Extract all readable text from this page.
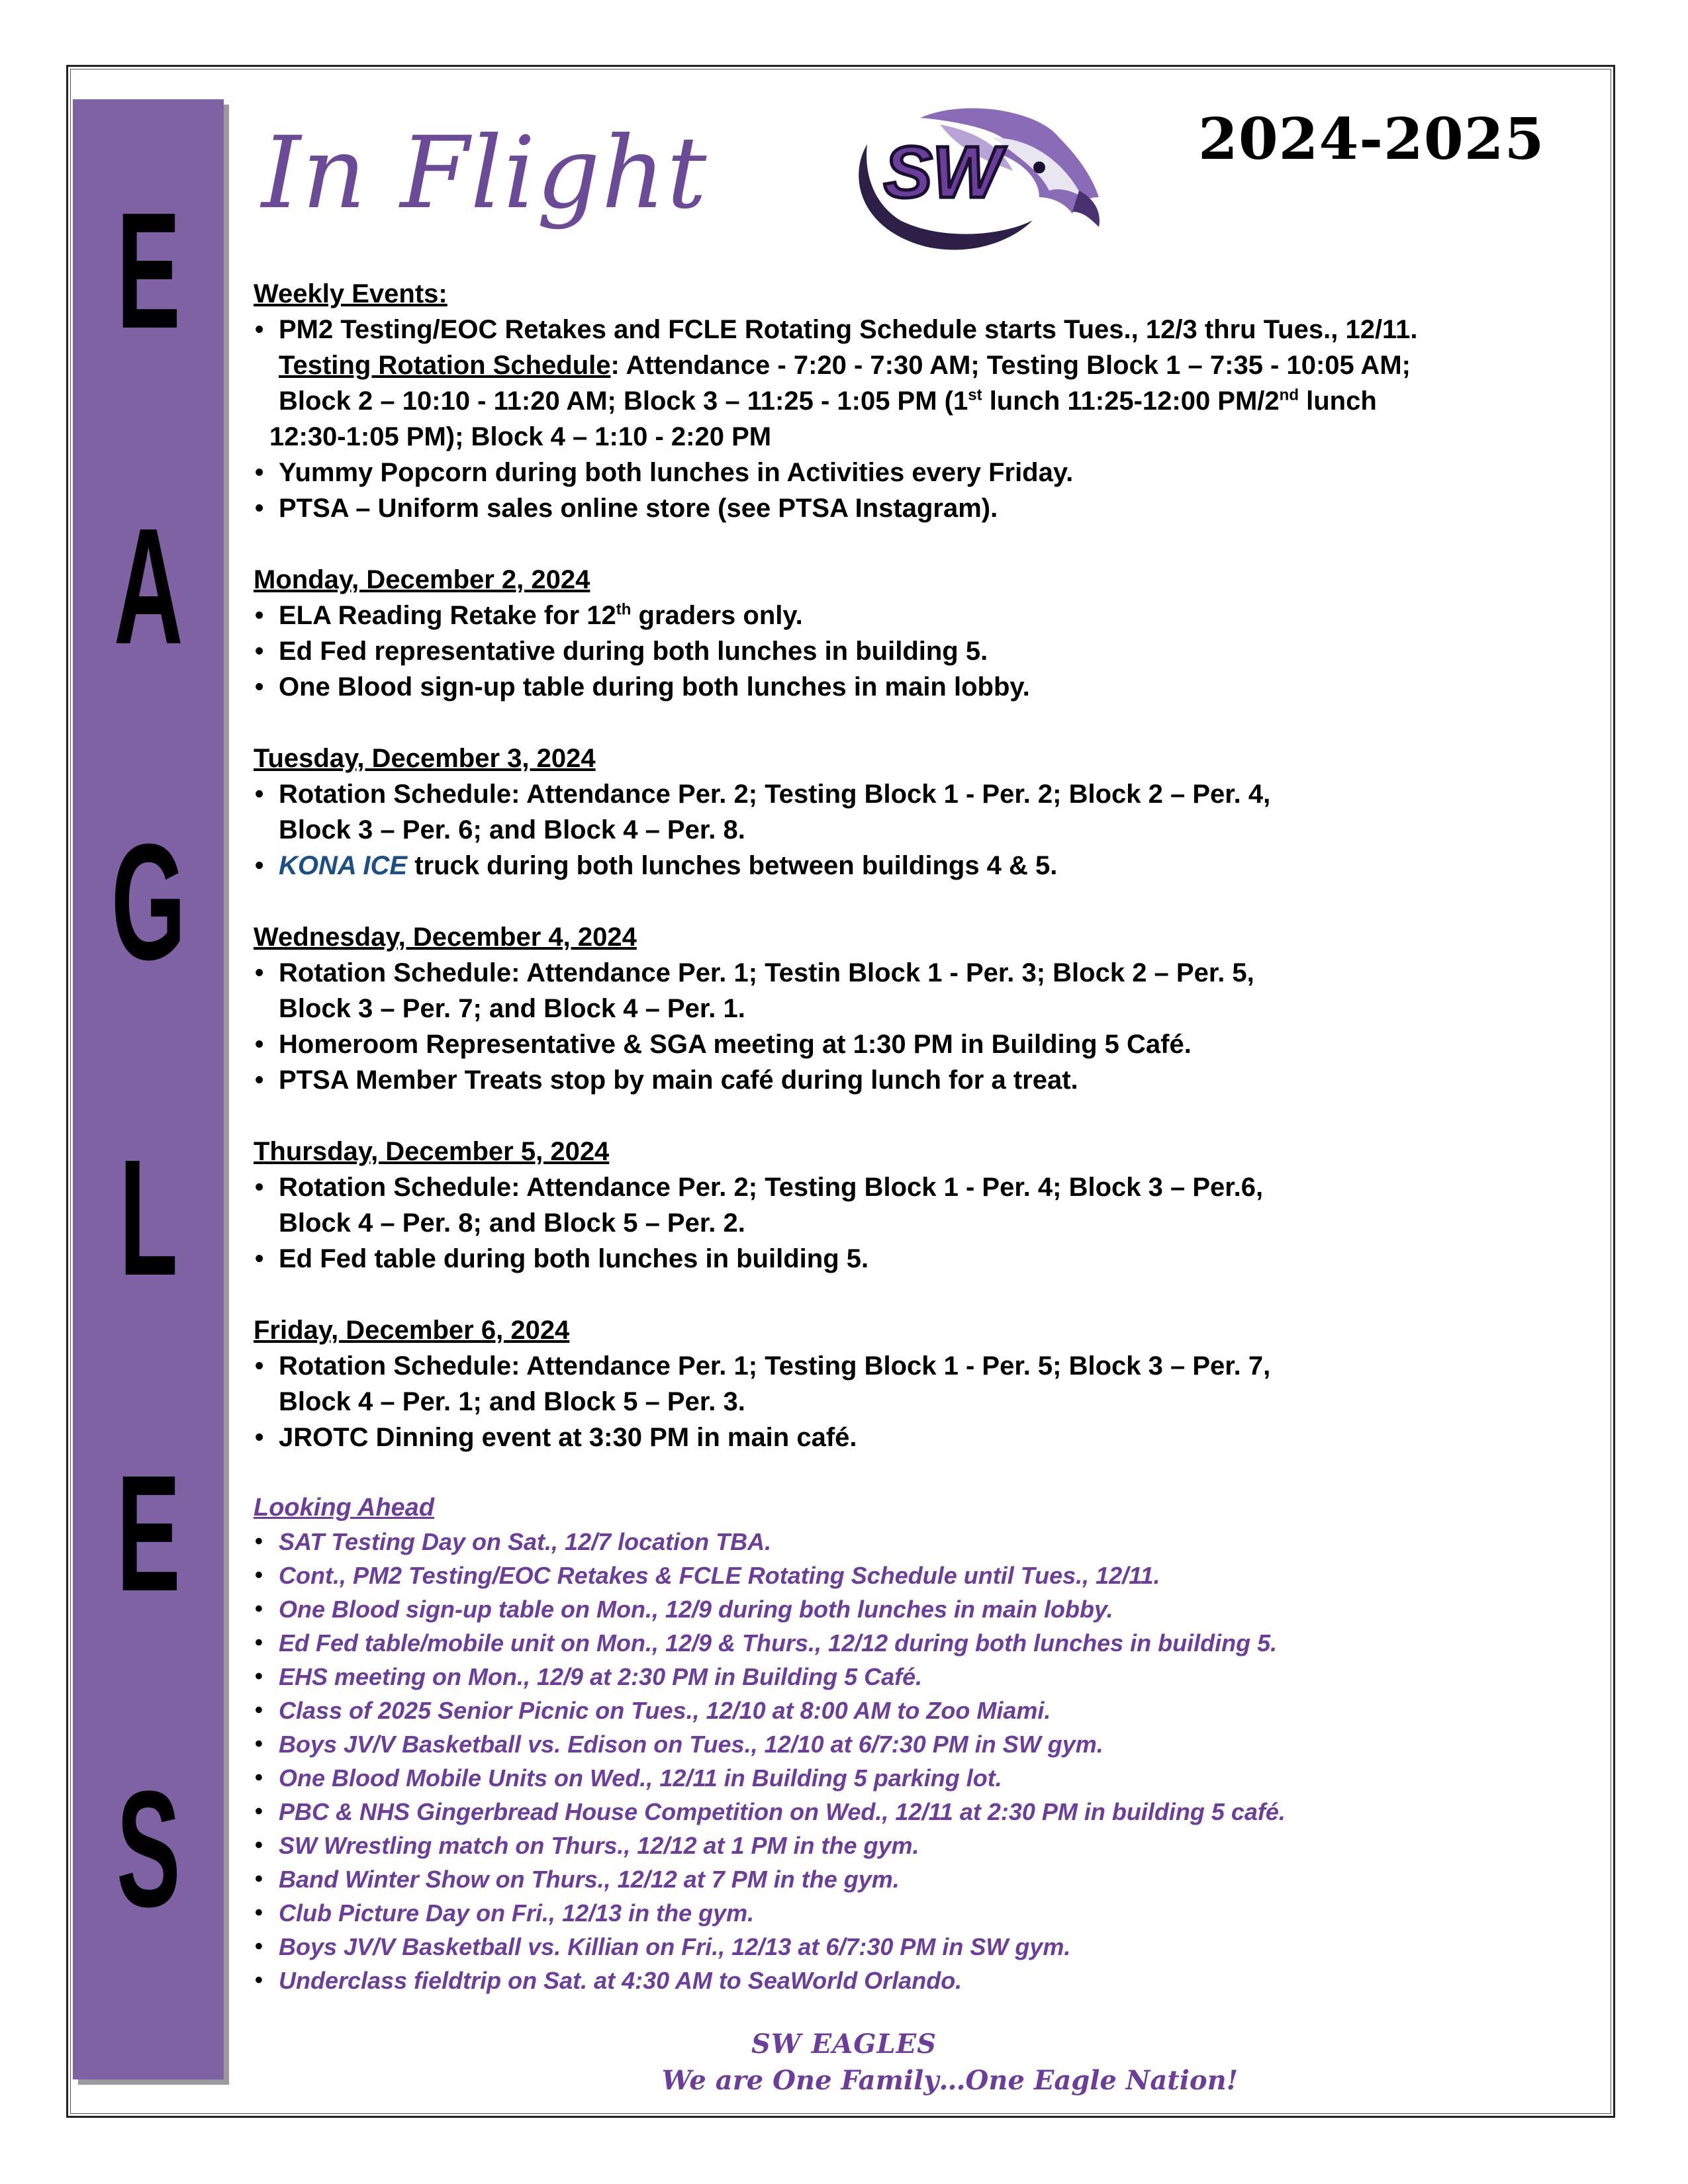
E
A
G
L
E
S
In Flight SW	2024-2025
Weekly Events:
• PM2 Testing/EOC Retakes and FCLE Rotating Schedule starts Tues., 12/3 thru Tues., 12/11.
Testing Rotation Schedule: Attendance - 7:20 - 7:30 AM; Testing Block 1 – 7:35 - 10:05 AM;
Block 2 – 10:10 - 11:20 AM; Block 3 – 11:25 - 1:05 PM (1st lunch 11:25-12:00 PM/2nd lunch
12:30-1:05 PM); Block 4 – 1:10 - 2:20 PM
• Yummy Popcorn during both lunches in Activities every Friday.
• PTSA – Uniform sales online store (see PTSA Instagram).
Monday, December 2, 2024
• ELA Reading Retake for 12th graders only.
• Ed Fed representative during both lunches in building 5.
• One Blood sign-up table during both lunches in main lobby.
Tuesday, December 3, 2024
• Rotation Schedule: Attendance Per. 2; Testing Block 1 - Per. 2; Block 2 – Per. 4,
Block 3 – Per. 6; and Block 4 – Per. 8.
• KONA ICE truck during both lunches between buildings 4 & 5.
Wednesday, December 4, 2024
• Rotation Schedule: Attendance Per. 1; Testin Block 1 - Per. 3; Block 2 – Per. 5,
Block 3 – Per. 7; and Block 4 – Per. 1.
• Homeroom Representative & SGA meeting at 1:30 PM in Building 5 Café.
• PTSA Member Treats stop by main café during lunch for a treat.
Thursday, December 5, 2024
• Rotation Schedule: Attendance Per. 2; Testing Block 1 - Per. 4; Block 3 – Per.6,
Block 4 – Per. 8; and Block 5 – Per. 2.
• Ed Fed table during both lunches in building 5.
Friday, December 6, 2024
• Rotation Schedule: Attendance Per. 1; Testing Block 1 - Per. 5; Block 3 – Per. 7,
Block 4 – Per. 1; and Block 5 – Per. 3.
• JROTC Dinning event at 3:30 PM in main café.
Looking Ahead
• SAT Testing Day on Sat., 12/7 location TBA.
• Cont., PM2 Testing/EOC Retakes & FCLE Rotating Schedule until Tues., 12/11.
• One Blood sign-up table on Mon., 12/9 during both lunches in main lobby.
• Ed Fed table/mobile unit on Mon., 12/9 & Thurs., 12/12 during both lunches in building 5.
• EHS meeting on Mon., 12/9 at 2:30 PM in Building 5 Café.
• Class of 2025 Senior Picnic on Tues., 12/10 at 8:00 AM to Zoo Miami.
• Boys JV/V Basketball vs. Edison on Tues., 12/10 at 6/7:30 PM in SW gym.
• One Blood Mobile Units on Wed., 12/11 in Building 5 parking lot.
• PBC & NHS Gingerbread House Competition on Wed., 12/11 at 2:30 PM in building 5 café.
• SW Wrestling match on Thurs., 12/12 at 1 PM in the gym.
• Band Winter Show on Thurs., 12/12 at 7 PM in the gym.
• Club Picture Day on Fri., 12/13 in the gym.
• Boys JV/V Basketball vs. Killian on Fri., 12/13 at 6/7:30 PM in SW gym.
• Underclass fieldtrip on Sat. at 4:30 AM to SeaWorld Orlando.
SW EAGLES
We are One Family…One Eagle Nation!
